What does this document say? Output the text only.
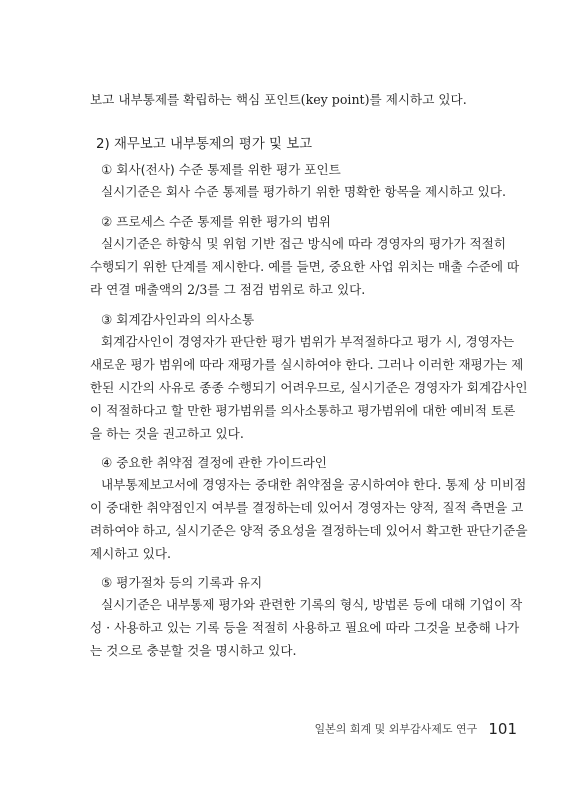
보고 내부통제를 확립하는 핵심 포인트(key point)를 제시하고 있다.
2) 재무보고 내부통제의 평가 및 보고
① 회사(전사) 수준 통제를 위한 평가 포인트
실시기준은 회사 수준 통제를 평가하기 위한 명확한 항목을 제시하고 있다.
② 프로세스 수준 통제를 위한 평가의 범위
실시기준은 하향식 및 위험 기반 접근 방식에 따라 경영자의 평가가 적절히
수행되기 위한 단계를 제시한다. 예를 들면, 중요한 사업 위치는 매출 수준에 따
라 연결 매출액의 2/3를 그 점검 범위로 하고 있다.
③ 회계감사인과의 의사소통
회계감사인이 경영자가 판단한 평가 범위가 부적절하다고 평가 시, 경영자는
새로운 평가 범위에 따라 재평가를 실시하여야 한다. 그러나 이러한 재평가는 제
한된 시간의 사유로 종종 수행되기 어려우므로, 실시기준은 경영자가 회계감사인
이 적절하다고 할 만한 평가범위를 의사소통하고 평가범위에 대한 예비적 토론
을 하는 것을 권고하고 있다.
④ 중요한 취약점 결정에 관한 가이드라인
내부통제보고서에 경영자는 중대한 취약점을 공시하여야 한다. 통제 상 미비점
이 중대한 취약점인지 여부를 결정하는데 있어서 경영자는 양적, 질적 측면을 고
려하여야 하고, 실시기준은 양적 중요성을 결정하는데 있어서 확고한 판단기준을
제시하고 있다.
⑤ 평가절차 등의 기록과 유지
실시기준은 내부통제 평가와 관련한 기록의 형식, 방법론 등에 대해 기업이 작
성 · 사용하고 있는 기록 등을 적절히 사용하고 필요에 따라 그것을 보충해 나가
는 것으로 충분할 것을 명시하고 있다.
일본의 회계 및 외부감사제도 연구 101
